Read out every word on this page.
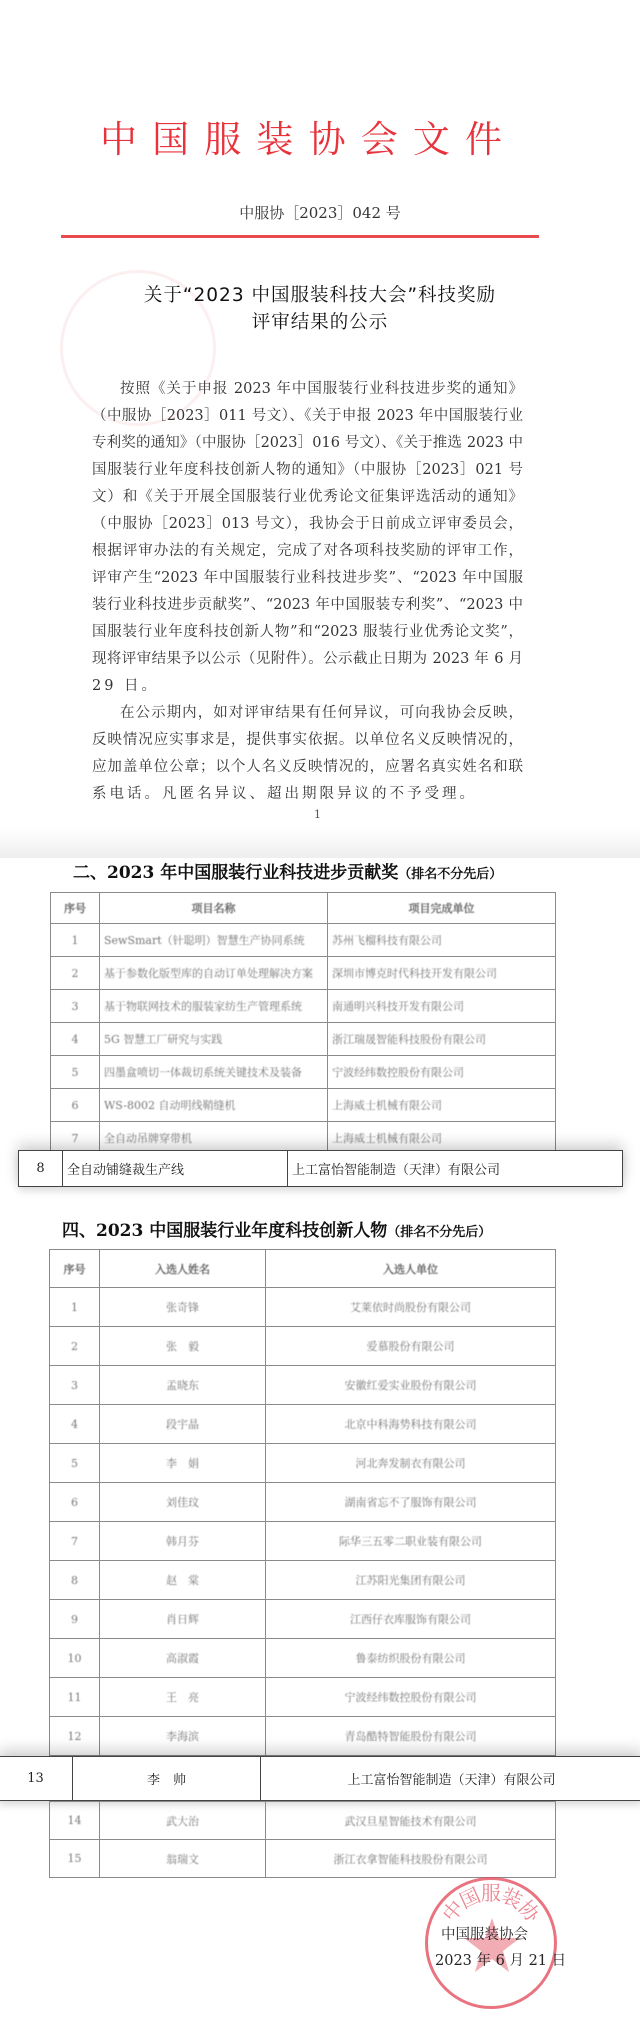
中 国 服 装 协 会 文 件
中服协［2023］042 号
关于“2023 中国服装科技大会”科技奖励
评审结果的公示
按照《关于申报 2023 年中国服装行业科技进步奖的通知》
（中服协［2023］011 号文）、《关于申报 2023 年中国服装行业
专利奖的通知》（中服协［2023］016 号文）、《关于推选 2023 中
国服装行业年度科技创新人物的通知》（中服协［2023］021 号
文）和《关于开展全国服装行业优秀论文征集评选活动的通知》
（中服协［2023］013 号文），我协会于日前成立评审委员会，
根据评审办法的有关规定，完成了对各项科技奖励的评审工作，
评审产生“2023 年中国服装行业科技进步奖”、“2023 年中国服
装行业科技进步贡献奖”、“2023 年中国服装专利奖”、“2023 中
国服装行业年度科技创新人物”和“2023 服装行业优秀论文奖”，
现将评审结果予以公示（见附件）。公示截止日期为 2023 年 6 月
29 日。
在公示期内，如对评审结果有任何异议，可向我协会反映，
反映情况应实事求是，提供事实依据。以单位名义反映情况的，
应加盖单位公章；以个人名义反映情况的，应署名真实姓名和联
系电话。凡匿名异议、超出期限异议的不予受理。
1
二、2023 年中国服装行业科技进步贡献奖（排名不分先后）
序号	项目名称	项目完成单位
1	SewSmart（针聪明）智慧生产协同系统	苏州飞榴科技有限公司
2	基于参数化版型库的自动订单处理解决方案	深圳市博克时代科技开发有限公司
3	基于物联网技术的服装家纺生产管理系统	南通明兴科技开发有限公司
4	5G 智慧工厂研究与实践	浙江瑞晟智能科技股份有限公司
5	四墨盒喷切一体裁切系统关键技术及装备	宁波经纬数控股份有限公司
6	WS-8002 自动明线鞘缝机	上海威士机械有限公司
7	全自动吊牌穿带机	上海威士机械有限公司
8	全自动铺缝裁生产线	上工富怡智能制造（天津）有限公司
四、2023 中国服装行业年度科技创新人物（排名不分先后）
序号	入选人姓名	入选人单位
1	张奇锋	艾莱依时尚股份有限公司
2	张　毅	爱慕股份有限公司
3	孟晓东	安徽红爱实业股份有限公司
4	段宇晶	北京中科海势科技有限公司
5	李　娟	河北奔发制衣有限公司
6	刘佳玟	湖南省忘不了服饰有限公司
7	韩月芬	际华三五零二职业装有限公司
8	赵　棠	江苏阳光集团有限公司
9	肖日辉	江西仔衣库服饰有限公司
10	高淑霞	鲁泰纺织股份有限公司
11	王　亮	宁波经纬数控股份有限公司
12	李海滨	青岛酷特智能股份有限公司
13	李　帅	上工富怡智能制造（天津）有限公司
14	武大治	武汉旦星智能技术有限公司
15	翁瑞文	浙江衣拿智能科技股份有限公司
中
国
服
装
协
中国服装协会
2023 年 6 月 21 日
